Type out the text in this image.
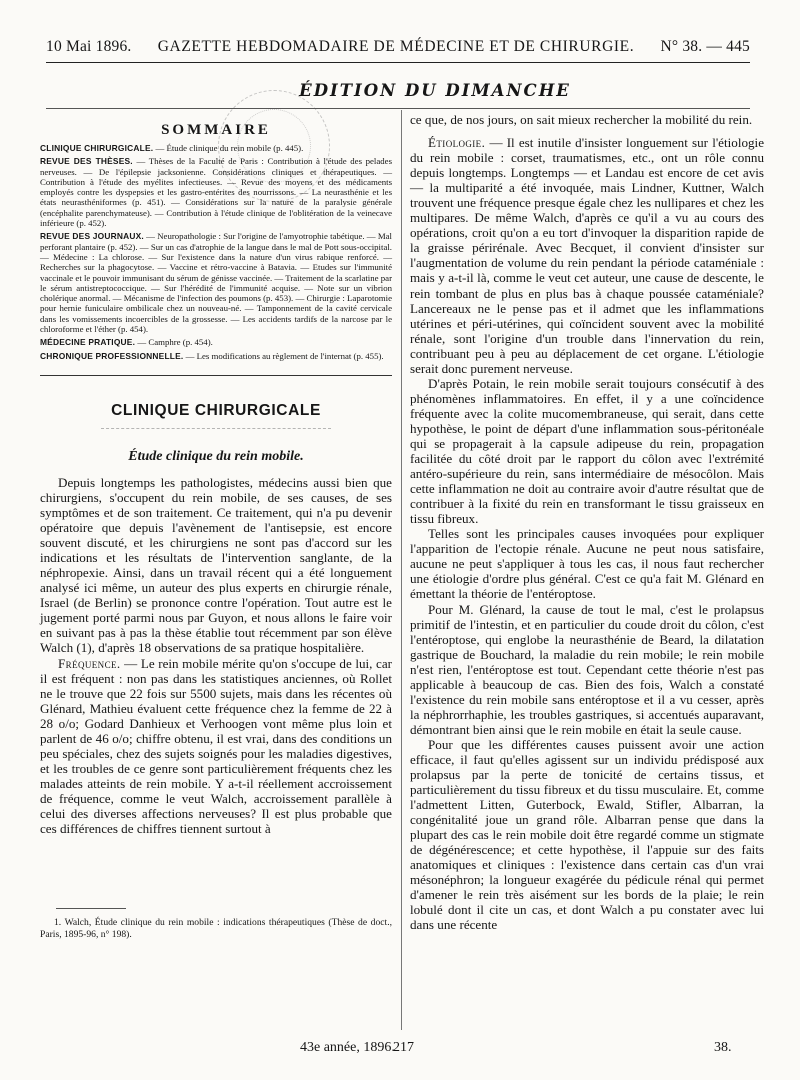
10 Mai 1896. GAZETTE HEBDOMADAIRE DE MÉDECINE ET DE CHIRURGIE. N° 38. — 445
ÉDITION DU DIMANCHE
SOMMAIRE
CLINIQUE CHIRURGICALE. — Étude clinique du rein mobile (p. 445).
REVUE DES THÈSES. — Thèses de la Faculté de Paris : Contribution à l'étude des pelades nerveuses. — De l'épilepsie jacksonienne. Considérations cliniques et thérapeutiques. — Contribution à l'étude des myélites infectieuses. — Revue des moyens et des médicaments employés contre les dyspepsies et les gastro-entérites des nourrissons. — La neurasthénie et les états neurasthéniformes (p. 451). — Considérations sur la nature de la paralysie générale (encéphalite parenchymateuse). — Contribution à l'étude clinique de l'oblitération de la veinecave inférieure (p. 452).
REVUE DES JOURNAUX. — Neuropathologie : Sur l'origine de l'amyotrophie tabétique. — Mal perforant plantaire (p. 452). — Sur un cas d'atrophie de la langue dans le mal de Pott sous-occipital. — Médecine : La chlorose. — Sur l'existence dans la nature d'un virus rabique renforcé. — Recherches sur la phagocytose. — Vaccine et rétro-vaccine à Batavia. — Etudes sur l'immunité vaccinale et le pouvoir immunisant du sérum de génisse vaccinée. — Traitement de la scarlatine par le sérum antistreptococcique. — Sur l'hérédité de l'immunité acquise. — Note sur un vibrion cholérique anormal. — Mécanisme de l'infection des poumons (p. 453). — Chirurgie : Laparotomie pour hernie funiculaire ombilicale chez un nouveau-né. — Tamponnement de la cavité cervicale dans les vomissements incoercibles de la grossesse. — Les accidents tardifs de la narcose par le chloroforme et l'éther (p. 454).
MÉDECINE PRATIQUE. — Camphre (p. 454).
CHRONIQUE PROFESSIONNELLE. — Les modifications au règlement de l'internat (p. 455).
CLINIQUE CHIRURGICALE
Étude clinique du rein mobile.

Depuis longtemps les pathologistes, médecins aussi bien que chirurgiens, s'occupent du rein mobile, de ses causes, de ses symptômes et de son traitement. Ce traitement, qui n'a pu devenir opératoire que depuis l'avènement de l'antisepsie, est encore souvent discuté, et les chirurgiens ne sont pas d'accord sur les indications et les résultats de l'intervention sanglante, de la néphropexie. Ainsi, dans un travail récent qui a été longuement analysé ici même, un auteur des plus experts en chirurgie rénale, Israel (de Berlin) se prononce contre l'opération. Tout autre est le jugement porté parmi nous par Guyon, et nous allons le faire voir en suivant pas à pas la thèse établie tout récemment par son élève Walch (1), d'après 18 observations de sa pratique hospitalière.

Fréquence. — Le rein mobile mérite qu'on s'occupe de lui, car il est fréquent : non pas dans les statistiques anciennes, où Rollet ne le trouve que 22 fois sur 5500 sujets, mais dans les récentes où Glénard, Mathieu évaluent cette fréquence chez la femme de 22 à 28 o/o; Godard Danhieux et Verhoogen vont même plus loin et parlent de 46 o/o; chiffre obtenu, il est vrai, dans des conditions un peu spéciales, chez des sujets soignés pour les maladies digestives, et les troubles de ce genre sont particulièrement fréquents chez les malades atteints de rein mobile. Y a-t-il réellement accroissement de fréquence, comme le veut Walch, accroissement parallèle à celui des diverses affections nerveuses? Il est plus probable que ces différences de chiffres tiennent surtout à

1. Walch, Étude clinique du rein mobile : indications thérapeutiques (Thèse de doct., Paris, 1895-96, n° 198).

ce que, de nos jours, on sait mieux rechercher la mobilité du rein.

Étiologie. — Il est inutile d'insister longuement sur l'étiologie du rein mobile : corset, traumatismes, etc., ont un rôle connu depuis longtemps. Longtemps — et Landau est encore de cet avis — la multiparité a été invoquée, mais Lindner, Kuttner, Walch trouvent une fréquence presque égale chez les nullipares et chez les multipares. De même Walch, d'après ce qu'il a vu au cours des opérations, croit qu'on a eu tort d'invoquer la disparition rapide de la graisse périrénale. Avec Becquet, il convient d'insister sur l'augmentation de volume du rein pendant la période cataméniale : mais y a-t-il là, comme le veut cet auteur, une cause de descente, le rein tombant de plus en plus bas à chaque poussée cataméniale? Lancereaux ne le pense pas et il admet que les inflammations utérines et péri-utérines, qui coïncident souvent avec la mobilité rénale, sont l'origine d'un trouble dans l'innervation du rein, contribuant peu à peu au déplacement de cet organe. L'étiologie serait donc purement nerveuse.

D'après Potain, le rein mobile serait toujours consécutif à des phénomènes inflammatoires. En effet, il y a une coïncidence fréquente avec la colite mucomembraneuse, qui serait, dans cette hypothèse, le point de départ d'une inflammation sous-péritonéale qui se propagerait à la capsule adipeuse du rein, propagation facilitée du côté droit par le rapport du côlon avec l'extrémité antéro-supérieure du rein, sans intermédiaire de mésocôlon. Mais cette inflammation ne doit au contraire avoir d'autre résultat que de contribuer à la fixité du rein en transformant le tissu graisseux en tissu fibreux.

Telles sont les principales causes invoquées pour expliquer l'apparition de l'ectopie rénale. Aucune ne peut nous satisfaire, aucune ne peut s'appliquer à tous les cas, il nous faut rechercher une étiologie d'ordre plus général. C'est ce qu'a fait M. Glénard en émettant la théorie de l'entéroptose.

Pour M. Glénard, la cause de tout le mal, c'est le prolapsus primitif de l'intestin, et en particulier du coude droit du côlon, c'est l'entéroptose, qui englobe la neurasthénie de Beard, la dilatation gastrique de Bouchard, la maladie du rein mobile; le rein mobile n'est rien, l'entéroptose est tout. Cependant cette théorie n'est pas applicable à beaucoup de cas. Bien des fois, Walch a constaté l'existence du rein mobile sans entéroptose et il a vu cesser, après la néphrorrhaphie, les troubles gastriques, si accentués auparavant, démontrant bien ainsi que le rein mobile en était la seule cause.

Pour que les différentes causes puissent avoir une action efficace, il faut qu'elles agissent sur un individu prédisposé aux prolapsus par la perte de tonicité de certains tissus, et particulièrement du tissu fibreux et du tissu musculaire. Et, comme l'admettent Litten, Guterbock, Ewald, Stifler, Albarran, la congénitalité joue un grand rôle. Albarran pense que dans la plupart des cas le rein mobile doit être regardé comme un stigmate de dégénérescence; et cette hypothèse, il l'appuie sur des faits anatomiques et cliniques : l'existence dans certain cas d'un vrai mésonéphron; la longueur exagérée du pédicule rénal qui permet d'amener le rein très aisément sur les bords de la plaie; le rein lobulé dont il cite un cas, et dont Walch a pu constater avec lui dans une récente

43e année, 1896.
217	38.
